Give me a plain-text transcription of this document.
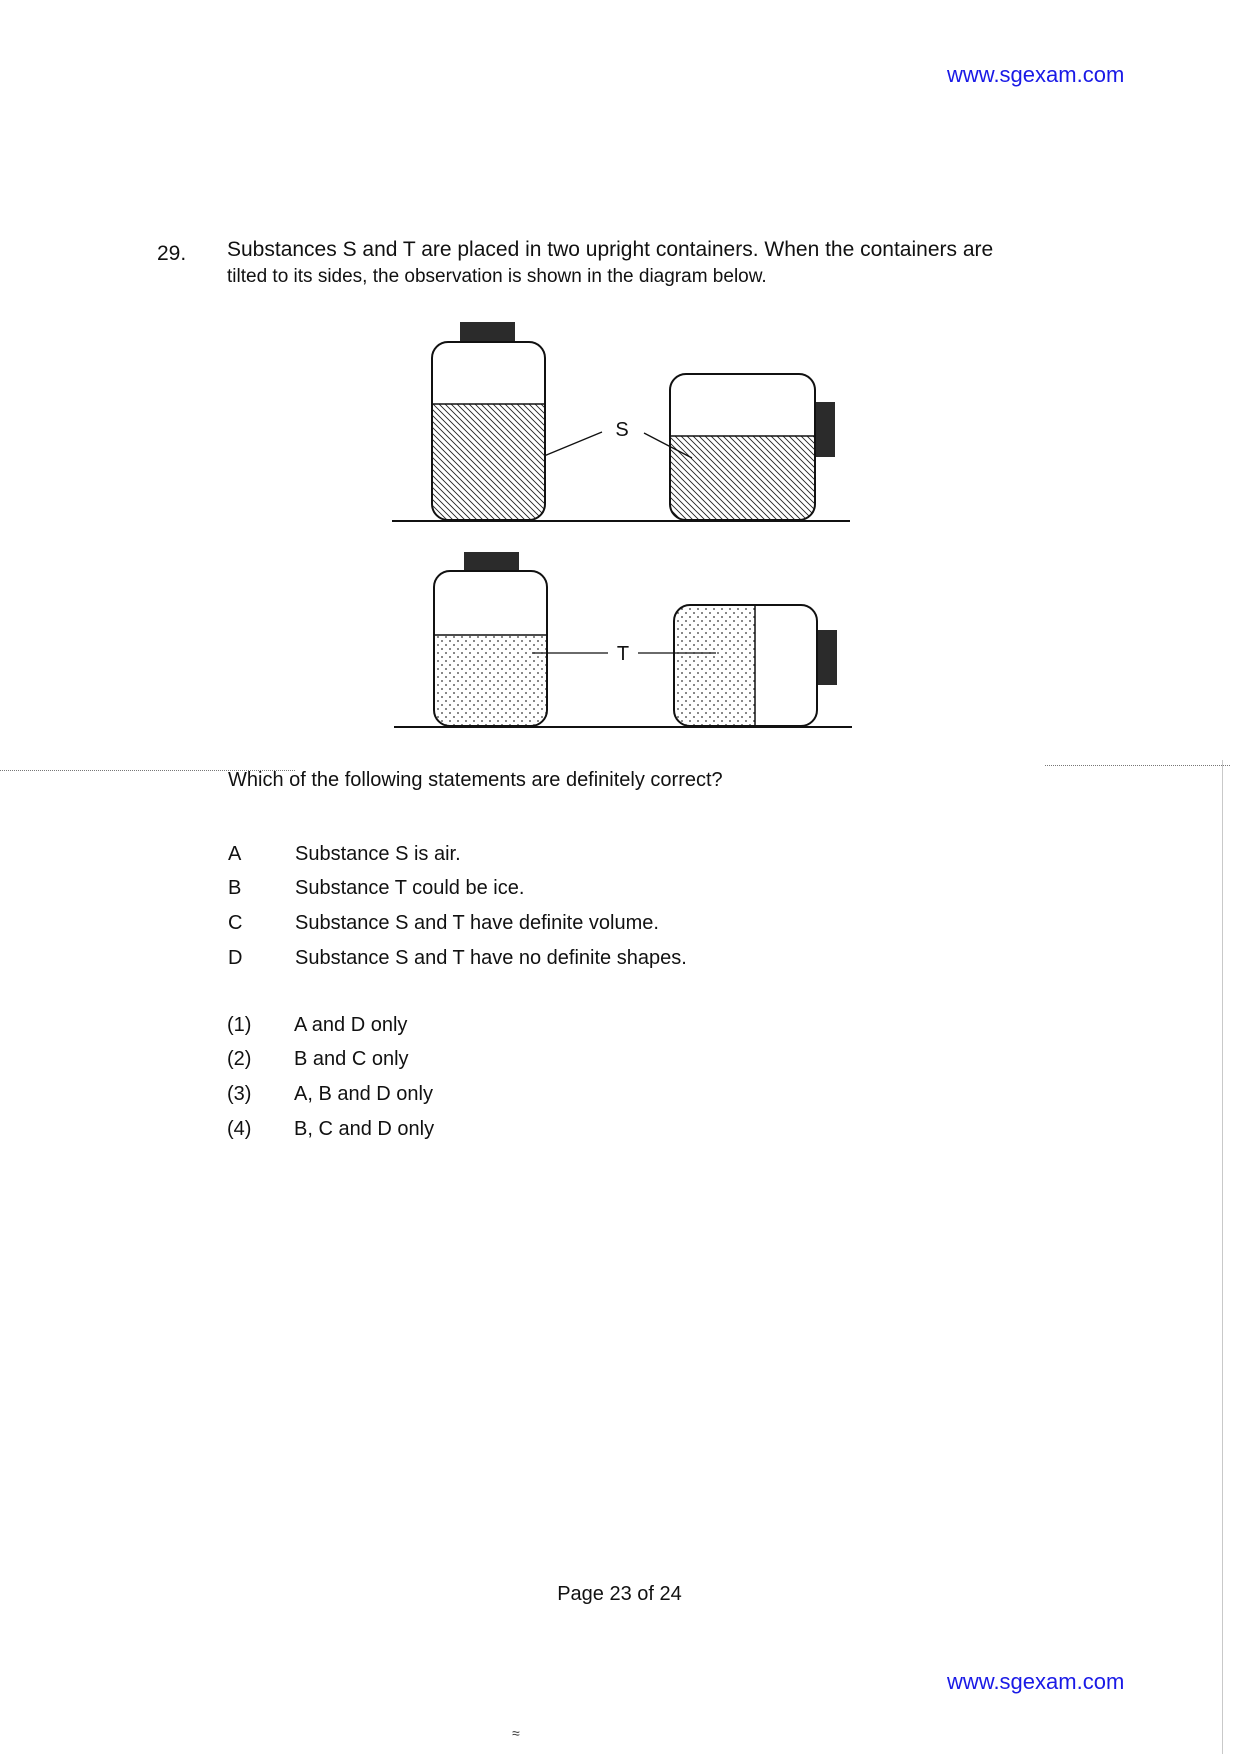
www.sgexam.com
29. Substances S and T are placed in two upright containers. When the containers are
tilted to its sides, the observation is shown in the diagram below.
S
T
Which of the following statements are definitely correct?
A	Substance S is air.
B	Substance T could be ice.
C	Substance S and T have definite volume.
D	Substance S and T have no definite shapes.
(1) A and D only
(2) B and C only
(3) A, B and D only
(4) B, C and D only
Page 23 of 24
www.sgexam.com
≈
